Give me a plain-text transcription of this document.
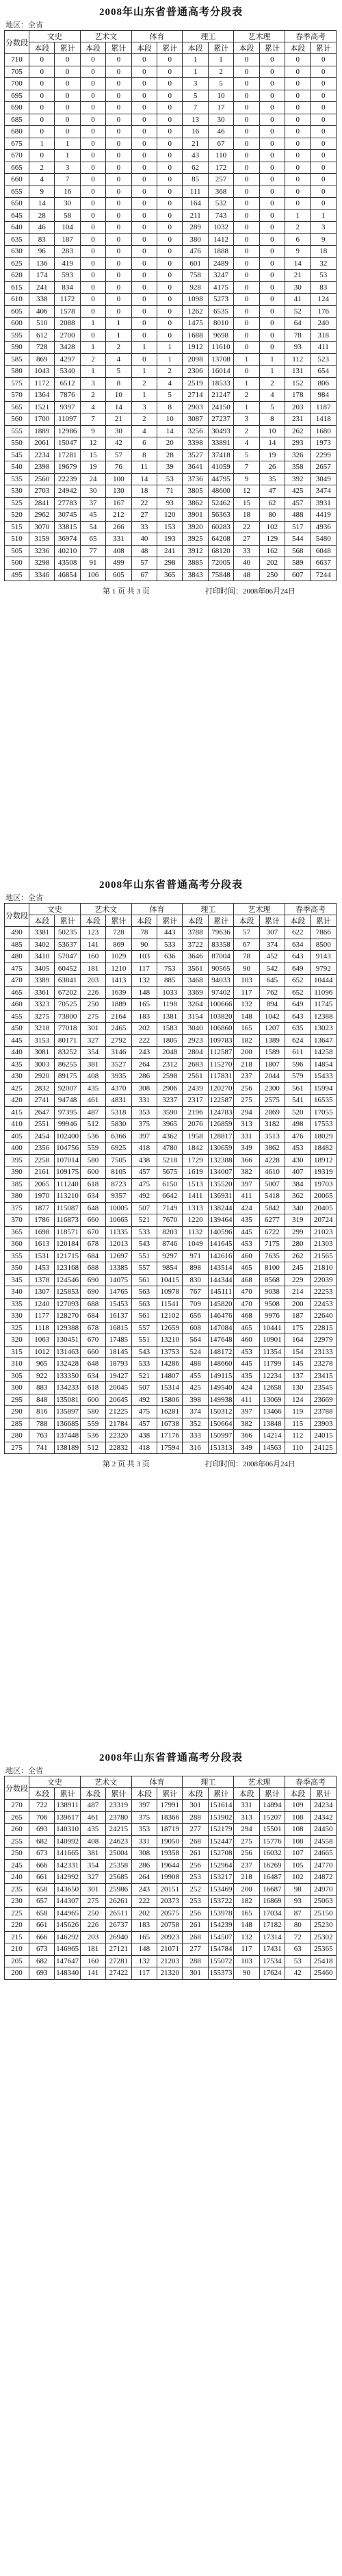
2008年山东省普通高考分段表
地区：全省
分数段	文史		艺术文		体育		理工		艺术理		春季高考	
	本段	累计	本段	累计	本段	累计	本段	累计	本段	累计	本段	累计
710	0	0	0	0	0	0	1	1	0	0	0	0
705	0	0	0	0	0	0	1	2	0	0	0	0
700	0	0	0	0	0	0	3	5	0	0	0	0
695	0	0	0	0	0	0	5	10	0	0	0	0
690	0	0	0	0	0	0	7	17	0	0	0	0
685	0	0	0	0	0	0	13	30	0	0	0	0
680	0	0	0	0	0	0	16	46	0	0	0	0
675	1	1	0	0	0	0	21	67	0	0	0	0
670	0	1	0	0	0	0	43	110	0	0	0	0
665	2	3	0	0	0	0	62	172	0	0	0	0
660	4	7	0	0	0	0	85	257	0	0	0	0
655	9	16	0	0	0	0	111	368	0	0	0	0
650	14	30	0	0	0	0	164	532	0	0	0	0
645	28	58	0	0	0	0	211	743	0	0	1	1
640	46	104	0	0	0	0	289	1032	0	0	2	3
635	83	187	0	0	0	0	380	1412	0	0	6	9
630	96	283	0	0	0	0	476	1888	0	0	9	18
625	136	419	0	0	0	0	601	2489	0	0	14	32
620	174	593	0	0	0	0	758	3247	0	0	21	53
615	241	834	0	0	0	0	928	4175	0	0	30	83
610	338	1172	0	0	0	0	1098	5273	0	0	41	124
605	406	1578	0	0	0	0	1262	6535	0	0	52	176
600	510	2088	1	1	0	0	1475	8010	0	0	64	240
595	612	2700	0	1	0	0	1688	9698	0	0	78	318
590	728	3428	1	2	1	1	1912	11610	0	0	93	411
585	869	4297	2	4	0	1	2098	13708	1	1	112	523
580	1043	5340	1	5	1	2	2306	16014	0	1	131	654
575	1172	6512	3	8	2	4	2519	18533	1	2	152	806
570	1364	7876	2	10	1	5	2714	21247	2	4	178	984
565	1521	9397	4	14	3	8	2903	24150	1	5	203	1187
560	1700	11097	7	21	2	10	3087	27237	3	8	231	1418
555	1889	12986	9	30	4	14	3256	30493	2	10	262	1680
550	2061	15047	12	42	6	20	3398	33891	4	14	293	1973
545	2234	17281	15	57	8	28	3527	37418	5	19	326	2299
540	2398	19679	19	76	11	39	3641	41059	7	26	358	2657
535	2560	22239	24	100	14	53	3736	44795	9	35	392	3049
530	2703	24942	30	130	18	71	3805	48600	12	47	425	3474
525	2841	27783	37	167	22	93	3862	52462	15	62	457	3931
520	2962	30745	45	212	27	120	3901	56363	18	80	488	4419
515	3070	33815	54	266	33	153	3920	60283	22	102	517	4936
510	3159	36974	65	331	40	193	3925	64208	27	129	544	5480
505	3236	40210	77	408	48	241	3912	68120	33	162	568	6048
500	3298	43508	91	499	57	298	3885	72005	40	202	589	6637
495	3346	46854	106	605	67	365	3843	75848	48	250	607	7244
第 1 页 共 3 页	打印时间：2008年06月24日
2008年山东省普通高考分段表
地区：全省
分数段	文史		艺术文		体育		理工		艺术理		春季高考	
	本段	累计	本段	累计	本段	累计	本段	累计	本段	累计	本段	累计
490	3381	50235	123	728	78	443	3788	79636	57	307	622	7866
485	3402	53637	141	869	90	533	3722	83358	67	374	634	8500
480	3410	57047	160	1029	103	636	3646	87004	78	452	643	9143
475	3405	60452	181	1210	117	753	3561	90565	90	542	649	9792
470	3389	63841	203	1413	132	885	3468	94033	103	645	652	10444
465	3361	67202	226	1639	148	1033	3369	97402	117	762	652	11096
460	3323	70525	250	1889	165	1198	3264	100666	132	894	649	11745
455	3275	73800	275	2164	183	1381	3154	103820	148	1042	643	12388
450	3218	77018	301	2465	202	1583	3040	106860	165	1207	635	13023
445	3153	80171	327	2792	222	1805	2923	109783	182	1389	624	13647
440	3081	83252	354	3146	243	2048	2804	112587	200	1589	611	14258
435	3003	86255	381	3527	264	2312	2683	115270	218	1807	596	14854
430	2920	89175	408	3935	286	2598	2561	117831	237	2044	579	15433
425	2832	92007	435	4370	308	2906	2439	120270	256	2300	561	15994
420	2741	94748	461	4831	331	3237	2317	122587	275	2575	541	16535
415	2647	97395	487	5318	353	3590	2196	124783	294	2869	520	17055
410	2551	99946	512	5830	375	3965	2076	126859	313	3182	498	17553
405	2454	102400	536	6366	397	4362	1958	128817	331	3513	476	18029
400	2356	104756	559	6925	418	4780	1842	130659	349	3862	453	18482
395	2258	107014	580	7505	438	5218	1729	132388	366	4228	430	18912
390	2161	109175	600	8105	457	5675	1619	134007	382	4610	407	19319
385	2065	111240	618	8723	475	6150	1513	135520	397	5007	384	19703
380	1970	113210	634	9357	492	6642	1411	136931	411	5418	362	20065
375	1877	115087	648	10005	507	7149	1313	138244	424	5842	340	20405
370	1786	116873	660	10665	521	7670	1220	139464	435	6277	319	20724
365	1698	118571	670	11335	533	8203	1132	140596	445	6722	299	21023
360	1613	120184	678	12013	543	8746	1049	141645	453	7175	280	21303
355	1531	121715	684	12697	551	9297	971	142616	460	7635	262	21565
350	1453	123168	688	13385	557	9854	898	143514	465	8100	245	21810
345	1378	124546	690	14075	561	10415	830	144344	468	8568	229	22039
340	1307	125853	690	14765	563	10978	767	145111	470	9038	214	22253
335	1240	127093	688	15453	563	11541	709	145820	470	9508	200	22453
330	1177	128270	684	16137	561	12102	656	146476	468	9976	187	22640
325	1118	129388	678	16815	557	12659	608	147084	465	10441	175	22815
320	1063	130451	670	17485	551	13210	564	147648	460	10901	164	22979
315	1012	131463	660	18145	543	13753	524	148172	453	11354	154	23133
310	965	132428	648	18793	533	14286	488	148660	445	11799	145	23278
305	922	133350	634	19427	521	14807	455	149115	435	12234	137	23415
300	883	134233	618	20045	507	15314	425	149540	424	12658	130	23545
295	848	135081	600	20645	492	15806	398	149938	411	13069	124	23669
290	816	135897	580	21225	475	16281	374	150312	397	13466	119	23788
285	788	136685	559	21784	457	16738	352	150664	382	13848	115	23903
280	763	137448	536	22320	438	17176	333	150997	366	14214	112	24015
275	741	138189	512	22832	418	17594	316	151313	349	14563	110	24125
第 2 页 共 3 页	打印时间：2008年06月24日
2008年山东省普通高考分段表
地区：全省
分数段	文史		艺术文		体育		理工		艺术理		春季高考	
	本段	累计	本段	累计	本段	累计	本段	累计	本段	累计	本段	累计
270	722	138911	487	23319	397	17991	301	151614	331	14894	109	24234
265	706	139617	461	23780	375	18366	288	151902	313	15207	108	24342
260	693	140310	435	24215	353	18719	277	152179	294	15501	108	24450
255	682	140992	408	24623	331	19050	268	152447	275	15776	108	24558
250	673	141665	381	25004	308	19358	261	152708	256	16032	107	24665
245	666	142331	354	25358	286	19644	256	152964	237	16269	105	24770
240	661	142992	327	25685	264	19908	253	153217	218	16487	102	24872
235	658	143650	301	25986	243	20151	252	153469	200	16687	98	24970
230	657	144307	275	26261	222	20373	253	153722	182	16869	93	25063
225	658	144965	250	26511	202	20575	256	153978	165	17034	87	25150
220	661	145626	226	26737	183	20758	261	154239	148	17182	80	25230
215	666	146292	203	26940	165	20923	268	154507	132	17314	72	25302
210	673	146965	181	27121	148	21071	277	154784	117	17431	63	25365
205	682	147647	160	27281	132	21203	288	155072	103	17534	53	25418
200	693	148340	141	27422	117	21320	301	155373	90	17624	42	25460
